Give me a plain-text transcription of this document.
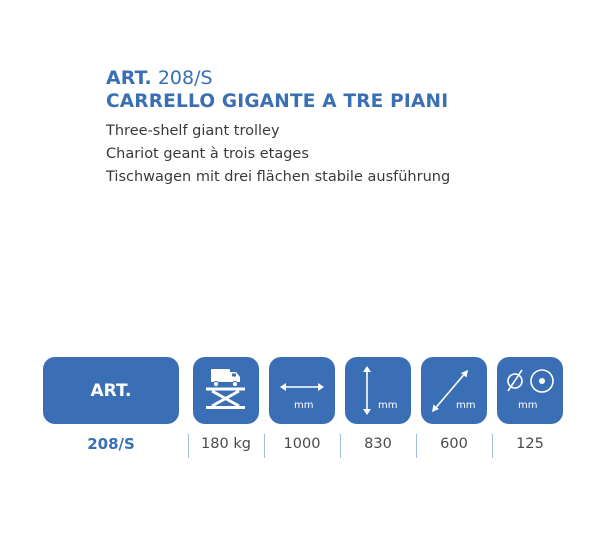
ART. 208/S
CARRELLO GIGANTE A TRE PIANI
Three-shelf giant trolley
Chariot geant à trois etages
Tischwagen mit drei flächen stabile ausführung
ART.
mm	mm	mm	mm
208/S	180 kg	1000	830	600	125
